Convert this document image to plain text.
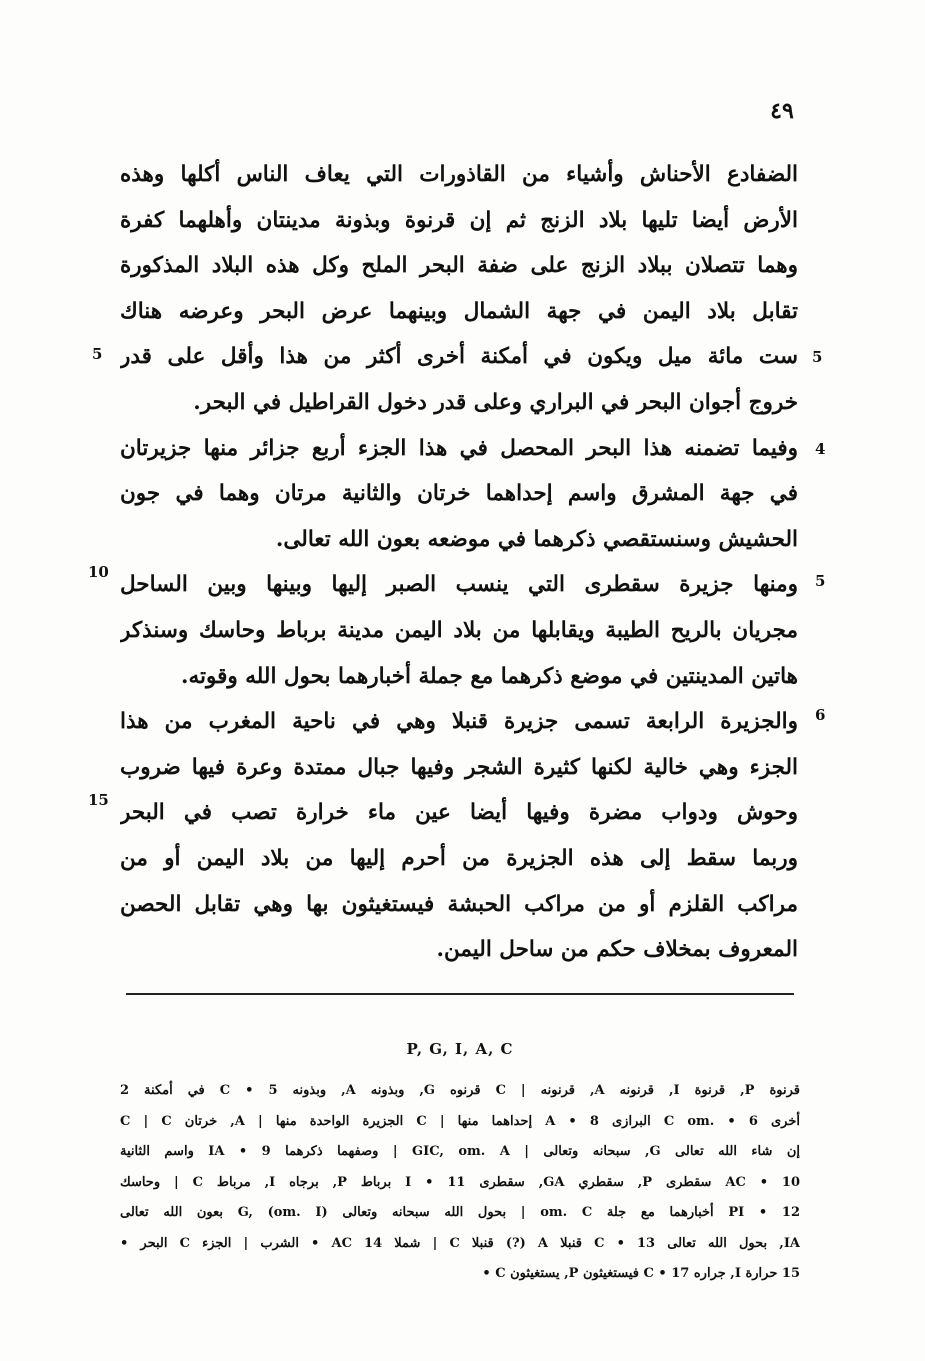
٤٩
الضفادع الأحناش وأشياء من القاذورات التي يعاف الناس أكلها وهذه
الأرض أيضا تليها بلاد الزنج ثم إن قرنوة وبذونة مدينتان وأهلهما كفرة
وهما تتصلان ببلاد الزنج على ضفة البحر الملح وكل هذه البلاد المذكورة
تقابل بلاد اليمن في جهة الشمال وبينهما عرض البحر وعرضه هناك
ست مائة ميل ويكون في أمكنة أخرى أكثر من هذا وأقل على قدر
خروج أجوان البحر في البراري وعلى قدر دخول القراطيل في البحر.
وفيما تضمنه هذا البحر المحصل في هذا الجزء أربع جزائر منها جزيرتان
في جهة المشرق واسم إحداهما خرتان والثانية مرتان وهما في جون
الحشيش وسنستقصي ذكرهما في موضعه بعون الله تعالى.
ومنها جزيرة سقطرى التي ينسب الصبر إليها وبينها وبين الساحل
مجريان بالريح الطيبة ويقابلها من بلاد اليمن مدينة برباط وحاسك وسنذكر
هاتين المدينتين في موضع ذكرهما مع جملة أخبارهما بحول الله وقوته.
والجزيرة الرابعة تسمى جزيرة قنبلا وهي في ناحية المغرب من هذا
الجزء وهي خالية لكنها كثيرة الشجر وفيها جبال ممتدة وعرة فيها ضروب
وحوش ودواب مضرة وفيها أيضا عين ماء خرارة تصب في البحر
وربما سقط إلى هذه الجزيرة من أحرم إليها من بلاد اليمن أو من
مراكب القلزم أو من مراكب الحبشة فيستغيثون بها وهي تقابل الحصن
المعروف بمخلاف حكم من ساحل اليمن.
5
10
15
5
4
5
6
P, G, I, A, C
قرنوة P, قرنوة I, قرنونه A, قرنونه | C قرنوه G, وبذونه A, وبذونه C • 5 في أمكنة 2
أخرى C om. • 6 البرازى A • 8 إحداهما منها | C الجزيرة الواحدة منها | A, خرتان C | C
إن شاء الله تعالى G, سبحانه وتعالى | GIC, om. A | وصفهما ذكرهما 9 • IA واسم الثانية
AC • 10 سقطرى P, سقطري GA, سقطرى I • 11 برباط P, برجاه I, مرباط C | وحاسك
PI • 12 أخبارهما مع جلة om. C | بحول الله سبحانه وتعالى G, (om. I) بعون الله تعالى
IA, بحول الله تعالى C • 13 قنبلا A (?) قنبلا C | شملا AC 14 • الشرب | الجزء C البحر •
15 حرارة I, جراره C • 17 فيستغيثون P, يستغيثون C •
